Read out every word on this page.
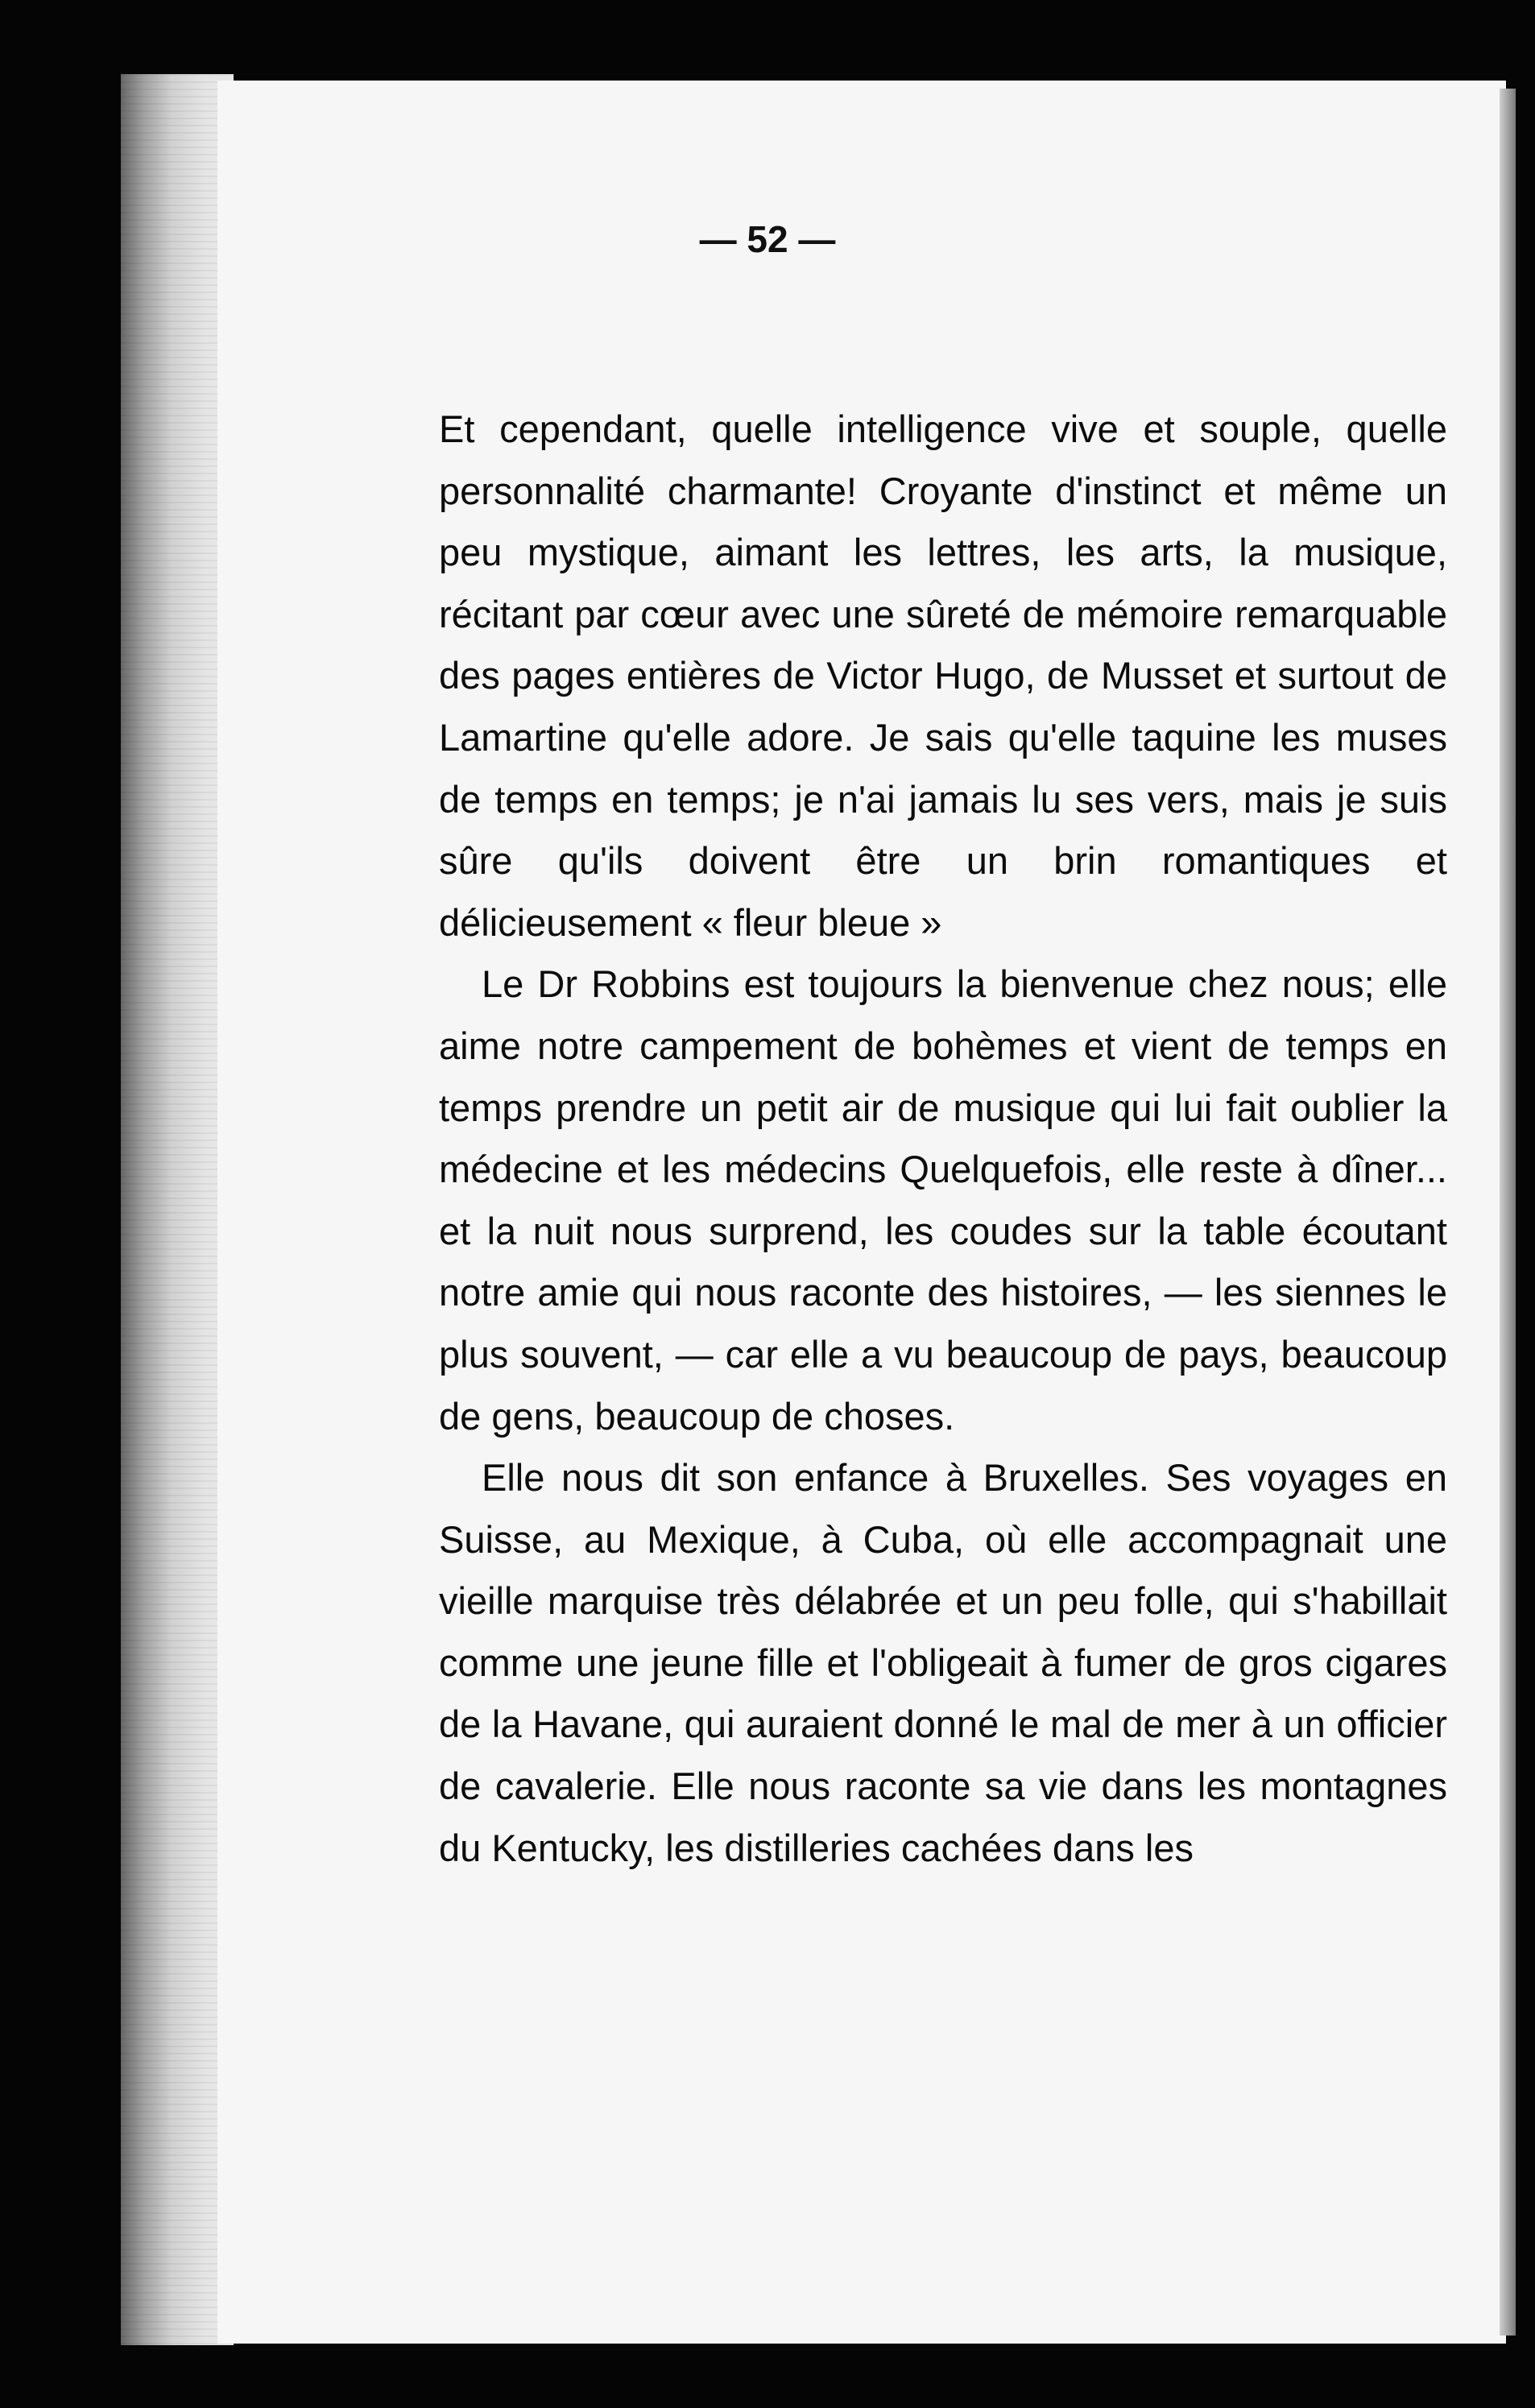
— 52 —

Et cependant, quelle intelligence vive et souple, quelle personnalité charmante! Croyante d'instinct et même un peu mystique, aimant les lettres, les arts, la musique, récitant par cœur avec une sûreté de mémoire remarquable des pages entières de Victor Hugo, de Musset et surtout de Lamartine qu'elle adore. Je sais qu'elle taquine les muses de temps en temps; je n'ai jamais lu ses vers, mais je suis sûre qu'ils doivent être un brin romantiques et délicieusement « fleur bleue »

Le Dr Robbins est toujours la bienvenue chez nous; elle aime notre campement de bohèmes et vient de temps en temps prendre un petit air de musique qui lui fait oublier la médecine et les médecins Quelquefois, elle reste à dîner... et la nuit nous surprend, les coudes sur la table écoutant notre amie qui nous raconte des histoires, — les siennes le plus souvent, — car elle a vu beaucoup de pays, beaucoup de gens, beaucoup de choses.

Elle nous dit son enfance à Bruxelles. Ses voyages en Suisse, au Mexique, à Cuba, où elle accompagnait une vieille marquise très délabrée et un peu folle, qui s'habillait comme une jeune fille et l'obligeait à fumer de gros cigares de la Havane, qui auraient donné le mal de mer à un officier de cavalerie. Elle nous raconte sa vie dans les montagnes du Kentucky, les distilleries cachées dans les
